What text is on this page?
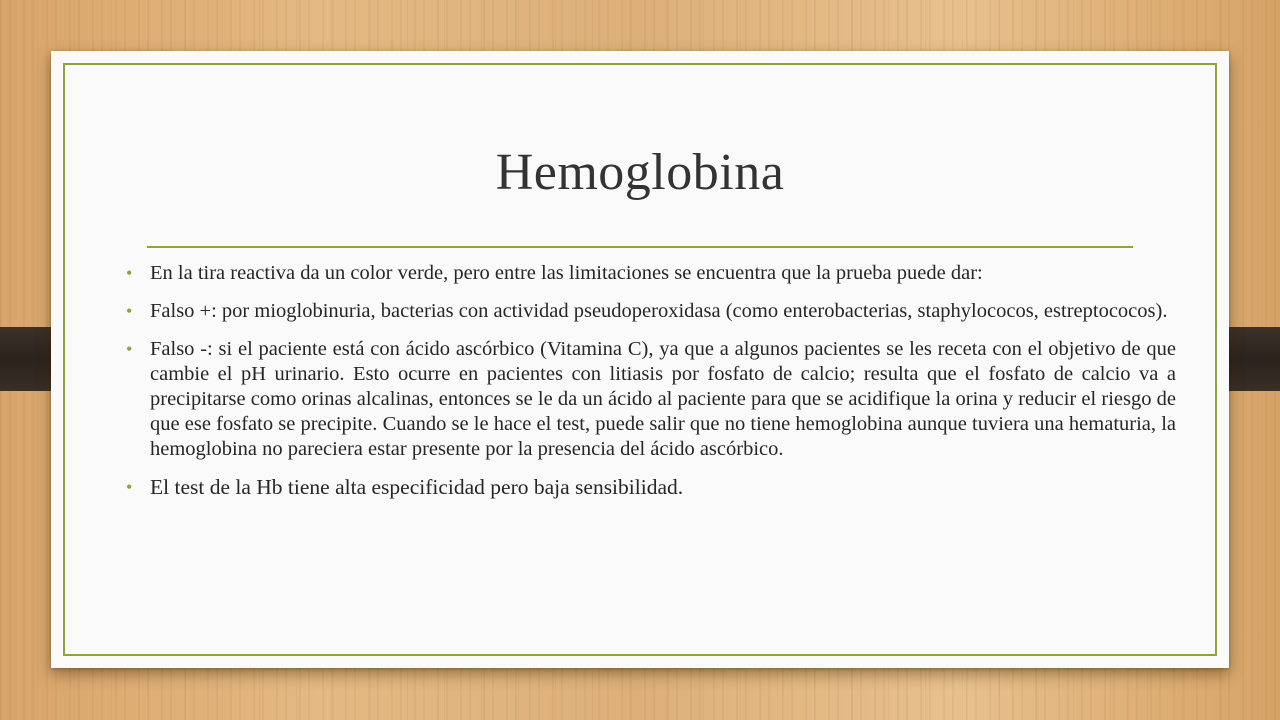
Hemoglobina
• En la tira reactiva da un color verde, pero entre las limitaciones se encuentra que la prueba puede dar:
• Falso +: por mioglobinuria, bacterias con actividad pseudoperoxidasa (como enterobacterias, staphylococos, estreptococos).
• Falso -: si el paciente está con ácido ascórbico (Vitamina C), ya que a algunos pacientes se les receta con el objetivo de que cambie el pH urinario. Esto ocurre en pacientes con litiasis por fosfato de calcio; resulta que el fosfato de calcio va a precipitarse como orinas alcalinas, entonces se le da un ácido al paciente para que se acidifique la orina y reducir el riesgo de que ese fosfato se precipite. Cuando se le hace el test, puede salir que no tiene hemoglobina aunque tuviera una hematuria, la hemoglobina no pareciera estar presente por la presencia del ácido ascórbico.
• El test de la Hb tiene alta especificidad pero baja sensibilidad.
